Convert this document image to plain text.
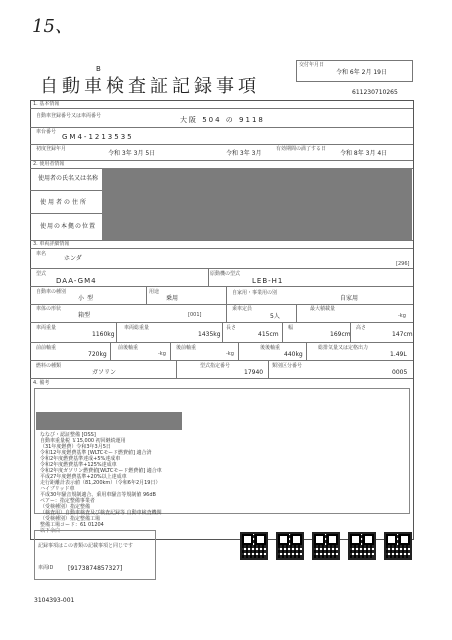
15、
B
自動車検査証記録事項
交付年月日
令和 6年 2月 19日
611230710265
1. 基本情報
自動車登録番号又は車両番号	大阪 504 の 9118
車台番号
GM4-1213535
初度登録年月
令和 3年 3月 5日
有効期間の満了する日
令和 3年 3月	令和 8年 3月 4日
2. 使用者情報
使用者の氏名又は名称
使用者の住所
使用の本拠の位置
3. 車両詳細情報
車名
ホンダ
[296]
型式
DAA-GM4
原動機の型式
LEB-H1
自動車の種別
小型
用途
乗用
自家用・事業用の別
自家用
車体の形状
箱型	[001]
乗車定員
5人
最大積載量
-kg
車両重量
1160kg
車両総重量
1435kg
長さ
415cm
幅
169cm
高さ
147cm
前前軸重
720kg
前後軸重
-kg
後前軸重
-kg
後後軸重
440kg
総排気量又は定格出力
1.49L
燃料の種類
ガソリン
型式指定番号
17940
類別区分番号
0005
4. 備考
ななび・認証整備 [OSS]
自動車重量税 ￥15,000 初回継続運用
（31年度燃費）令和3年3月5日
令和12年度燃費基準 [WLTCモード燃費値] 適合済
令和2年度燃費基準達成+5%達成車
令和2年度燃費基準+125%達成車
令和2年度ガソリン燃費値[WLTCモード燃費値] 適合車
平成27年度燃費基準+20%以上達成車
走行距離計表示値（81,200km）（令和6年2月19日）
ハイブリッド車
平成30年騒音規制適合、乗用車騒音等規制値 96dB
ペアー：指定整備事業者
（受検種別）指定整備
（検査用）自動車検査及び検査記録等 自動車検査機関
（受検種別）指定整備工場
整備工場コード：61 01204
以下余白
記録事項はこの書類の記載事項と同じです
車両ID [9173874857327]
3104393-001
